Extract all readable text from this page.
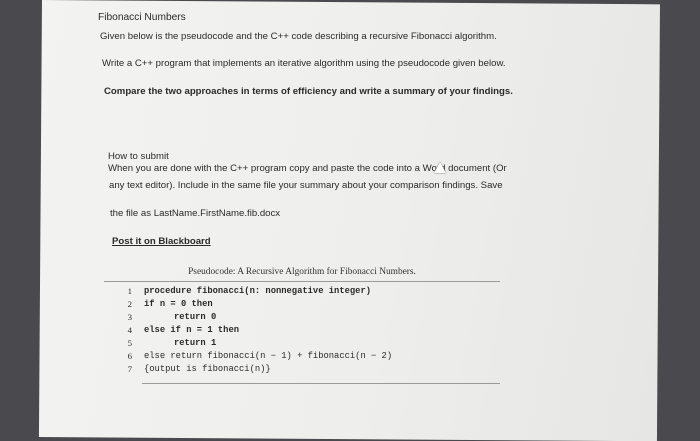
Fibonacci Numbers
Given below is the pseudocode and the C++ code describing a recursive Fibonacci algorithm.
Write a C++ program that implements an iterative algorithm using the pseudocode given below.
Compare the two approaches in terms of efficiency and write a summary of your findings.
How to submit
When you are done with the C++ program copy and paste the code into a Word document (Or
any text editor). Include in the same file your summary about your comparison findings. Save
the file as LastName.FirstName.fib.docx
Post it on Blackboard
Pseudocode: A Recursive Algorithm for Fibonacci Numbers.
1 procedure fibonacci(n: nonnegative integer)
2 if n = 0 then
3	return 0
4 else if n = 1 then
5	return 1
6 else return fibonacci(n − 1) + fibonacci(n − 2)
7 {output is fibonacci(n)}
